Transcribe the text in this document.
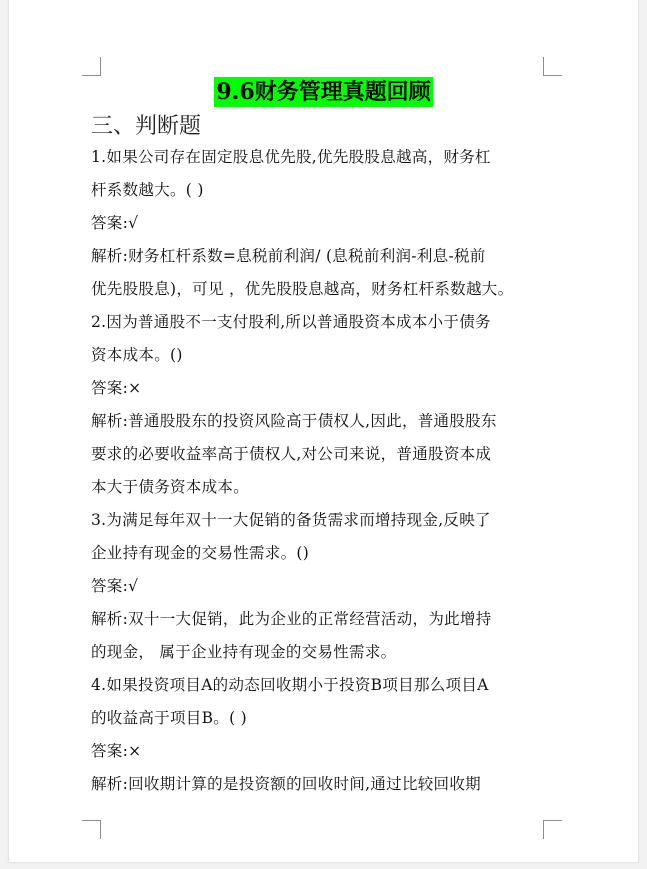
9.6财务管理真题回顾
三、判断题

1.如果公司存在固定股息优先股,优先股股息越高，财务杠

杆系数越大。( )

答案:√

解析:财务杠杆系数=息税前利润/ (息税前利润-利息-税前

优先股股息)，可见 ，优先股股息越高，财务杠杆系数越大。

2.因为普通股不一支付股利,所以普通股资本成本小于债务

资本成本。()

答案:×

解析:普通股股东的投资风险高于债权人,因此，普通股股东

要求的必要收益率高于债权人,对公司来说，普通股资本成

本大于债务资本成本。

3.为满足每年双十一大促销的备货需求而增持现金,反映了

企业持有现金的交易性需求。()

答案:√

解析:双十一大促销，此为企业的正常经营活动，为此增持

的现金， 属于企业持有现金的交易性需求。

4.如果投资项目A的动态回收期小于投资B项目那么项目A

的收益高于项目B。( )

答案:×

解析:回收期计算的是投资额的回收时间,通过比较回收期
